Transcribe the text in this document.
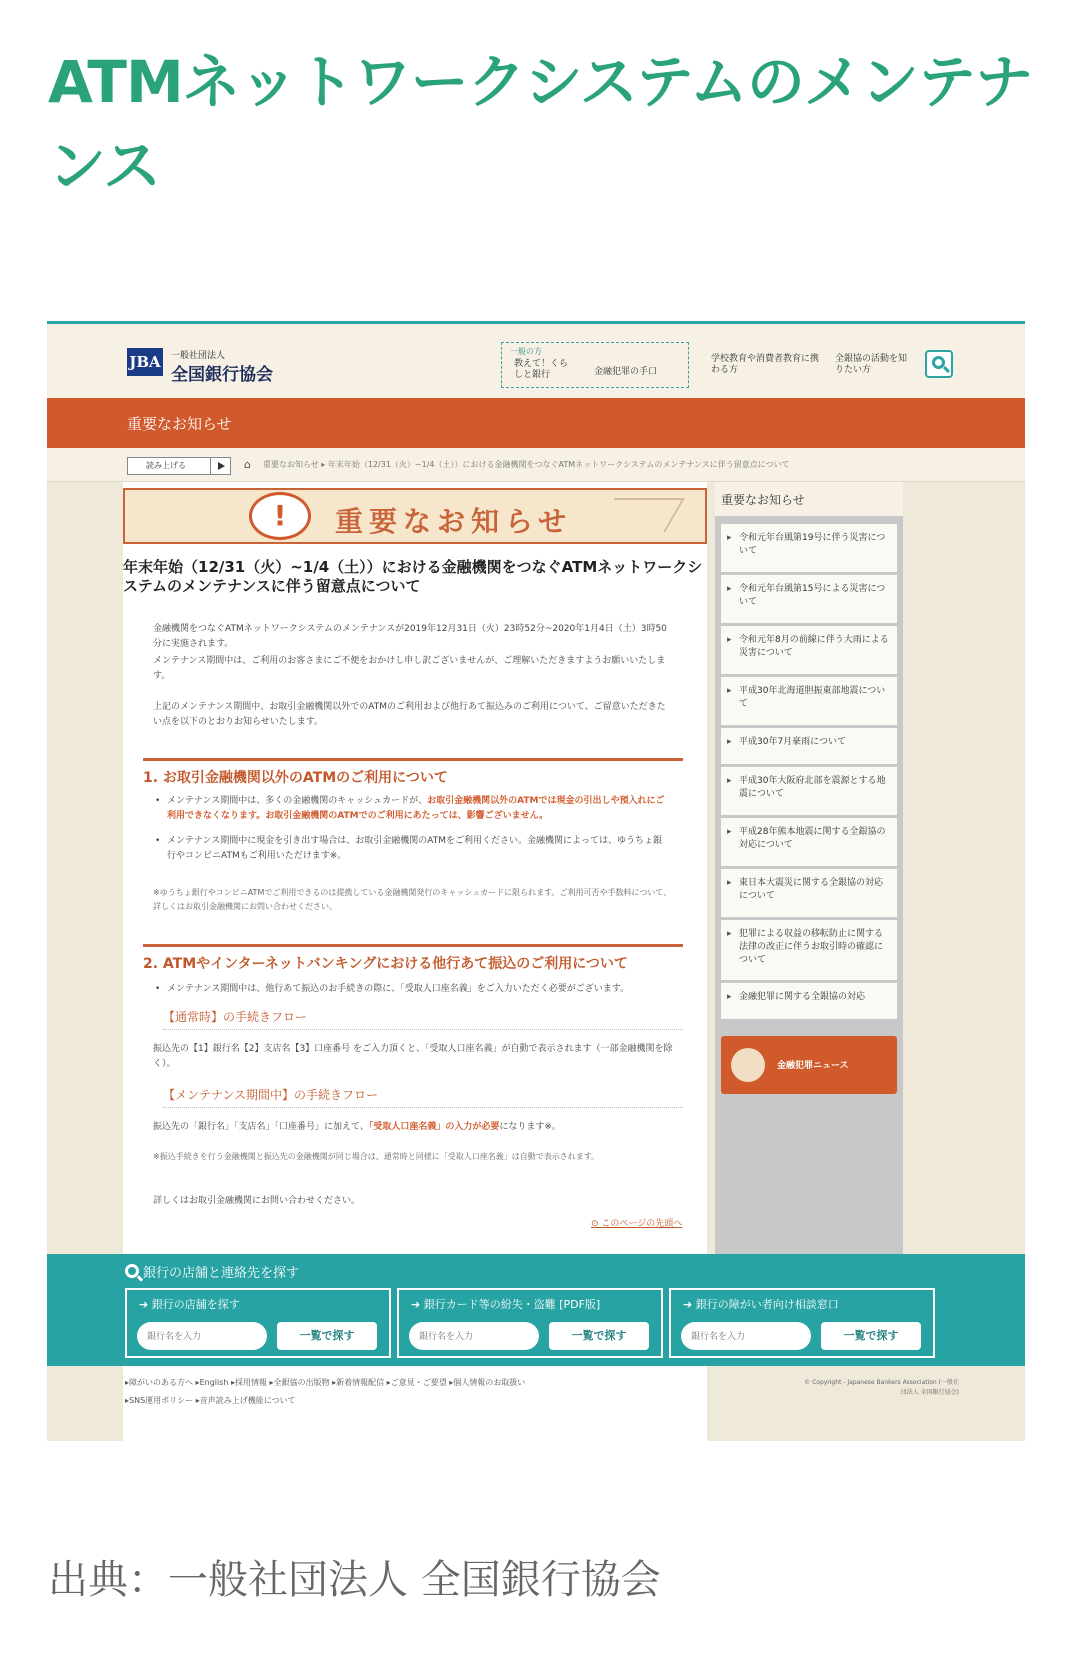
ATMネットワークシステムのメンテナンス
JBA 一般社団法人
全国銀行協会
一般の方
教えて！くらしと銀行	金融犯罪の手口
学校教育や消費者教育に携わる方
全銀協の活動を知りたい方
重要なお知らせ
読み上げる	⌂ 重要なお知らせ ▸ 年末年始（12/31（火）~1/4（土））における金融機関をつなぐATMネットワークシステムのメンテナンスに伴う留意点について
!	重要なお知らせ
年末年始（12/31（火）~1/4（土））における金融機関をつなぐATMネットワークシステムのメンテナンスに伴う留意点について

金融機関をつなぐATMネットワークシステムのメンテナンスが2019年12月31日（火）23時52分~2020年1月4日（土）3時50分に実施されます。

メンテナンス期間中は、ご利用のお客さまにご不便をおかけし申し訳ございませんが、ご理解いただきますようお願いいたします。

上記のメンテナンス期間中、お取引金融機関以外でのATMのご利用および他行あて振込みのご利用について、ご留意いただきたい点を以下のとおりお知らせいたします。

1. お取引金融機関以外のATMのご利用について

• メンテナンス期間中は、多くの金融機関のキャッシュカードが、お取引金融機関以外のATMでは現金の引出しや預入れにご利用できなくなります。お取引金融機関のATMでのご利用にあたっては、影響ございません。

• メンテナンス期間中に現金を引き出す場合は、お取引金融機関のATMをご利用ください。金融機関によっては、ゆうちょ銀行やコンビニATMもご利用いただけます※。

※ゆうちょ銀行やコンビニATMでご利用できるのは提携している金融機関発行のキャッシュカードに限られます。ご利用可否や手数料について、詳しくはお取引金融機関にお問い合わせください。

2. ATMやインターネットバンキングにおける他行あて振込のご利用について

• メンテナンス期間中は、他行あて振込のお手続きの際に、「受取人口座名義」をご入力いただく必要がございます。

【通常時】の手続きフロー

振込先の【1】銀行名【2】支店名【3】口座番号 をご入力頂くと、「受取人口座名義」が自動で表示されます（一部金融機関を除く）。

【メンテナンス期間中】の手続きフロー

振込先の「銀行名」「支店名」「口座番号」に加えて、「受取人口座名義」の入力が必要になります※。

※振込手続きを行う金融機関と振込先の金融機関が同じ場合は、通常時と同様に「受取人口座名義」は自動で表示されます。

詳しくはお取引金融機関にお問い合わせください。

⊙ このページの先頭へ
重要なお知らせ
▸ 令和元年台風第19号に伴う災害について
▸ 令和元年台風第15号による災害について
▸ 令和元年8月の前線に伴う大雨による災害について
▸ 平成30年北海道胆振東部地震について
▸ 平成30年7月豪雨について
▸ 平成30年大阪府北部を震源とする地震について
▸ 平成28年熊本地震に関する全銀協の対応について
▸ 東日本大震災に関する全銀協の対応について
▸ 犯罪による収益の移転防止に関する法律の改正に伴うお取引時の確認について
▸ 金融犯罪に関する全銀協の対応
金融犯罪ニュース
銀行の店舗と連絡先を探す
➔ 銀行の店舗を探す
銀行名を入力
一覧で探す
➔ 銀行カード等の紛失・盗難 [PDF版]
銀行名を入力
一覧で探す
➔ 銀行の障がい者向け相談窓口
銀行名を入力
一覧で探す
▸障がいのある方へ ▸English ▸採用情報 ▸全銀協の出版物 ▸新着情報配信 ▸ご意見・ご要望 ▸個人情報のお取扱い
▸SNS運用ポリシー ▸音声読み上げ機能について
© Copyright - Japanese Bankers Association (一般社団法人 全国銀行協会)
出典：一般社団法人 全国銀行協会
